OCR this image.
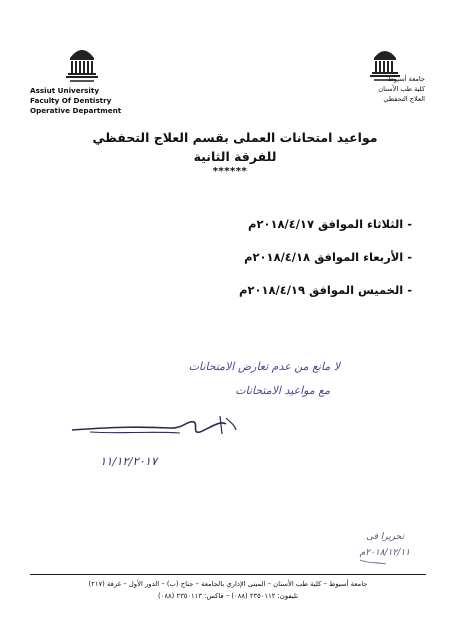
Assiut University
Faculty Of Dentistry
Operative Department
جامعة أسيوط
كلية طب الأسنان
العلاج التحفظي
مواعيد امتحانات العملى بقسم العلاج التحفظي
للفرقة الثانية
******
- الثلاثاء الموافق ٢٠١٨/٤/١٧م
- الأربعاء الموافق ٢٠١٨/٤/١٨م
- الخميس الموافق ٢٠١٨/٤/١٩م
لا مانع من عدم تعارض الامتحانات
مع مواعيد الامتحانات
١١/١٢/٢٠١٧
تحريرا فى
٢٠١٨/١٢/١١م
جامعة أسيوط – كلية طب الأسنان – المبنى الإداري بالجامعة – جناح (ب) – الدور الأول – غرفة (٢١٧)
تليفون: ٢٣٥٠١١٢ (٠٨٨) – فاكس: ٢٣٥٠١١٣ (٠٨٨)
